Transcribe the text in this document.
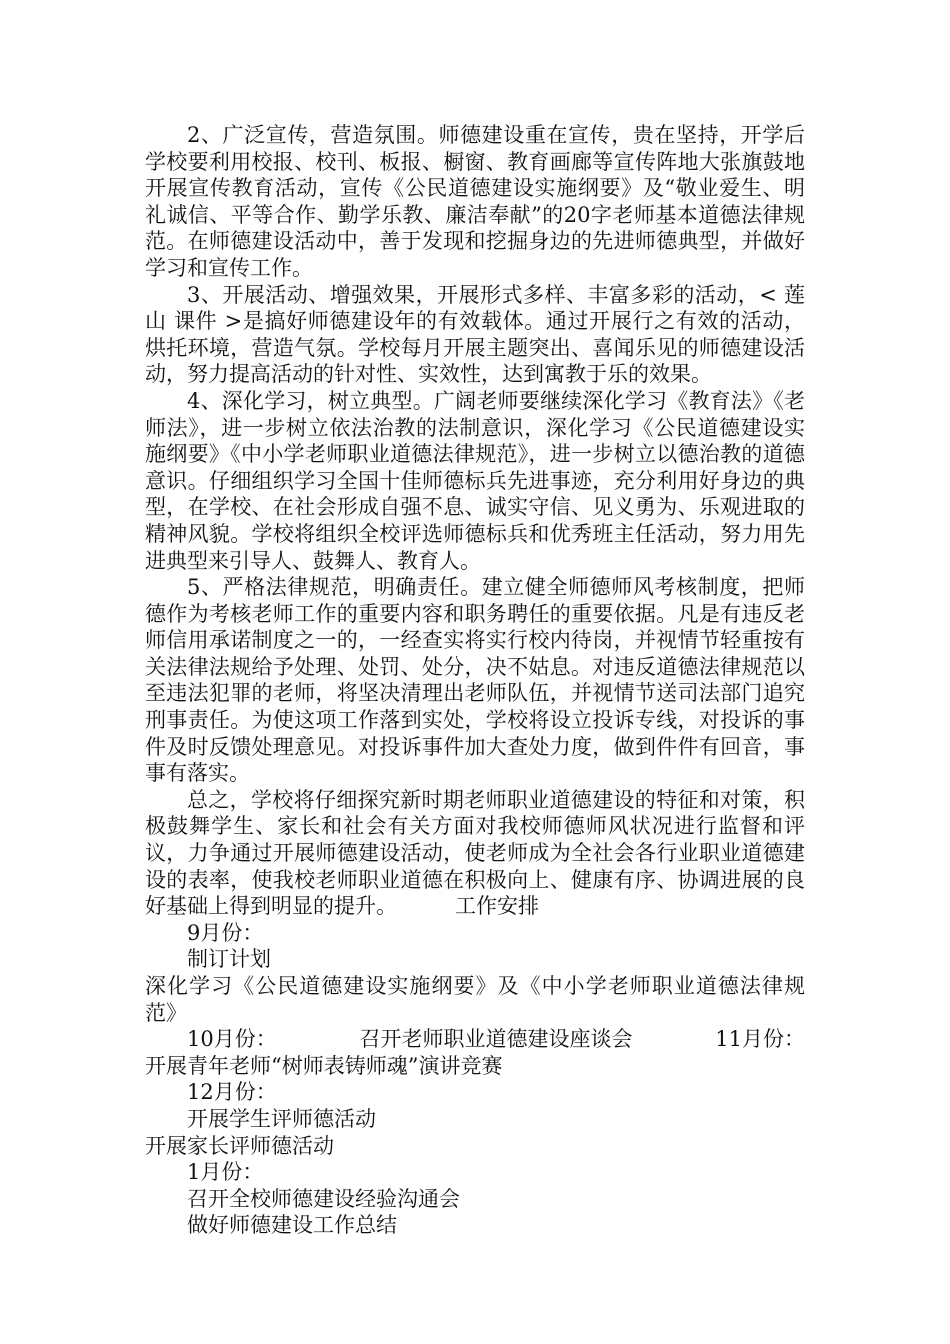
2、广泛宣传，营造氛围。师德建设重在宣传，贵在坚持，开学后学校要利用校报、校刊、板报、橱窗、教育画廊等宣传阵地大张旗鼓地开展宣传教育活动，宣传《公民道德建设实施纲要》及“敬业爱生、明礼诚信、平等合作、勤学乐教、廉洁奉献”的20字老师基本道德法律规范。在师德建设活动中，善于发现和挖掘身边的先进师德典型，并做好学习和宣传工作。

3、开展活动、增强效果，开展形式多样、丰富多彩的活动，< 莲山 课件 >是搞好师德建设年的有效载体。通过开展行之有效的活动，烘托环境，营造气氛。学校每月开展主题突出、喜闻乐见的师德建设活动，努力提高活动的针对性、实效性，达到寓教于乐的效果。

4、深化学习，树立典型。广阔老师要继续深化学习《教育法》《老师法》，进一步树立依法治教的法制意识，深化学习《公民道德建设实施纲要》《中小学老师职业道德法律规范》，进一步树立以德治教的道德意识。仔细组织学习全国十佳师德标兵先进事迹，充分利用好身边的典型，在学校、在社会形成自强不息、诚实守信、见义勇为、乐观进取的精神风貌。学校将组织全校评选师德标兵和优秀班主任活动，努力用先进典型来引导人、鼓舞人、教育人。

5、严格法律规范，明确责任。建立健全师德师风考核制度，把师德作为考核老师工作的重要内容和职务聘任的重要依据。凡是有违反老师信用承诺制度之一的，一经查实将实行校内待岗，并视情节轻重按有关法律法规给予处理、处罚、处分，决不姑息。对违反道德法律规范以至违法犯罪的老师，将坚决清理出老师队伍，并视情节送司法部门追究刑事责任。为使这项工作落到实处，学校将设立投诉专线，对投诉的事件及时反馈处理意见。对投诉事件加大查处力度，做到件件有回音，事事有落实。

总之，学校将仔细探究新时期老师职业道德建设的特征和对策，积极鼓舞学生、家长和社会有关方面对我校师德师风状况进行监督和评议，力争通过开展师德建设活动，使老师成为全社会各行业职业道德建设的表率，使我校老师职业道德在积极向上、健康有序、协调进展的良好基础上得到明显的提升。	工作安排

9月份：

制订计划

深化学习《公民道德建设实施纲要》及《中小学老师职业道德法律规范》

10月份：	召开老师职业道德建设座谈会	11月份：

开展青年老师“树师表铸师魂”演讲竞赛

12月份：

开展学生评师德活动

开展家长评师德活动

1月份：

召开全校师德建设经验沟通会

做好师德建设工作总结
